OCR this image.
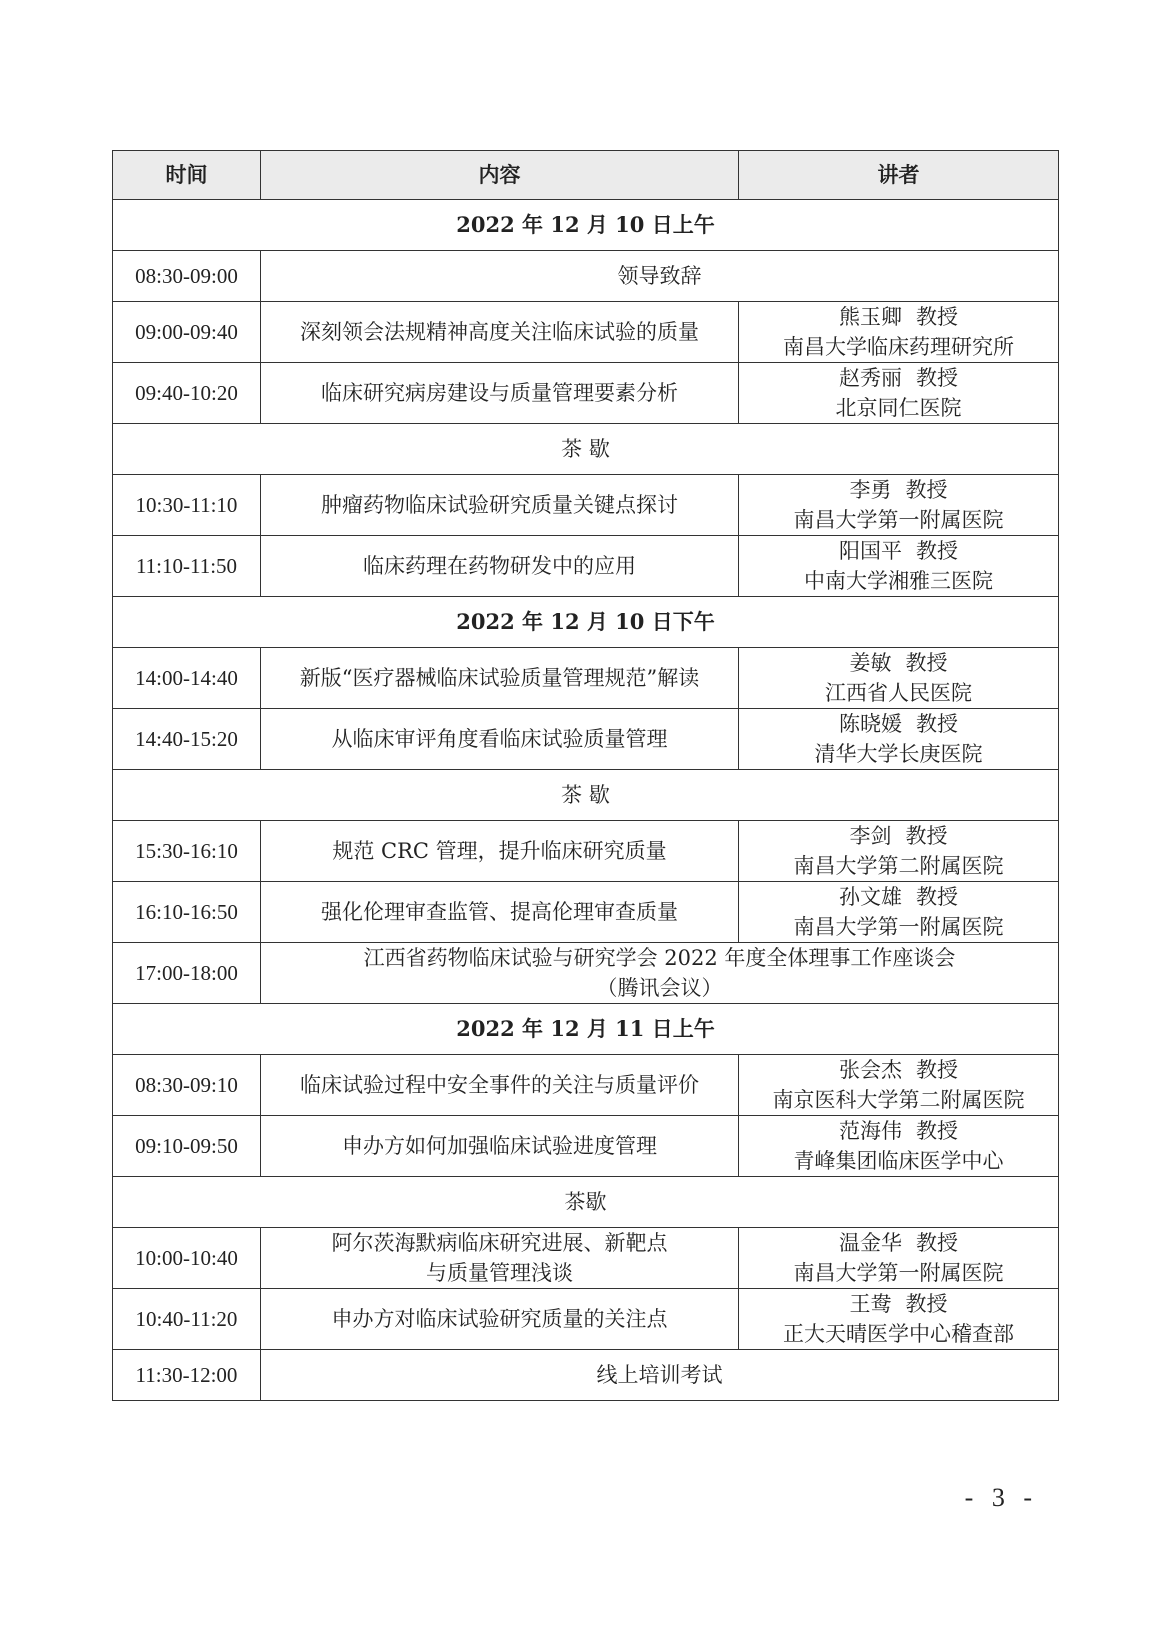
时间	内容	讲者
2022 年 12 月 10 日上午		
08:30-09:00	领导致辞	
09:00-09:40	深刻领会法规精神高度关注临床试验的质量	熊玉卿 教授
南昌大学临床药理研究所

09:40-10:20	临床研究病房建设与质量管理要素分析	赵秀丽 教授
北京同仁医院

茶 歇		
10:30-11:10	肿瘤药物临床试验研究质量关键点探讨	李勇 教授
南昌大学第一附属医院

11:10-11:50	临床药理在药物研发中的应用	阳国平 教授
中南大学湘雅三医院

2022 年 12 月 10 日下午		
14:00-14:40	新版“医疗器械临床试验质量管理规范”解读	姜敏 教授
江西省人民医院

14:40-15:20	从临床审评角度看临床试验质量管理	陈晓媛 教授
清华大学长庚医院

茶 歇		
15:30-16:10	规范 CRC 管理，提升临床研究质量	李剑 教授
南昌大学第二附属医院

16:10-16:50	强化伦理审查监管、提高伦理审查质量	孙文雄 教授
南昌大学第一附属医院

17:00-18:00	江西省药物临床试验与研究学会 2022 年度全体理事工作座谈会
（腾讯会议）	

2022 年 12 月 11 日上午		
08:30-09:10	临床试验过程中安全事件的关注与质量评价	张会杰 教授
南京医科大学第二附属医院

09:10-09:50	申办方如何加强临床试验进度管理	范海伟 教授
青峰集团临床医学中心

茶歇		
10:00-10:40	阿尔茨海默病临床研究进展、新靶点
与质量管理浅谈	温金华 教授
南昌大学第一附属医院

10:40-11:20	申办方对临床试验研究质量的关注点	王鸯 教授
正大天晴医学中心稽查部

11:30-12:00	线上培训考试	
- 3 -
